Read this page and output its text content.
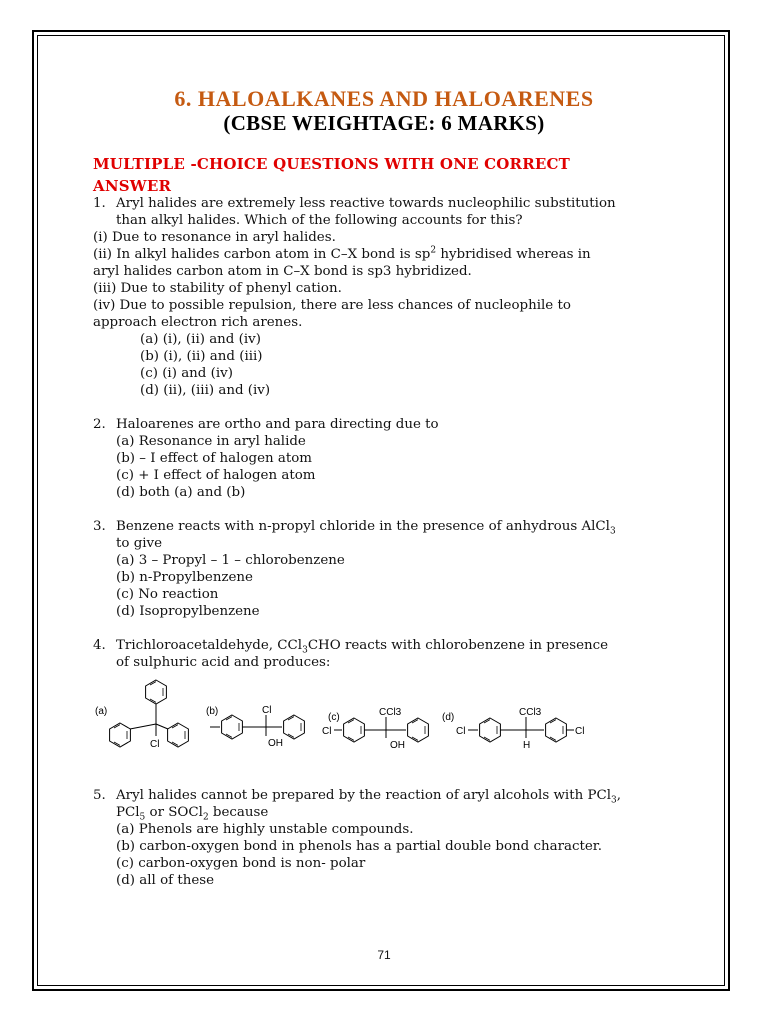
6. HALOALKANES AND HALOARENES
(CBSE WEIGHTAGE: 6 MARKS)
MULTIPLE -CHOICE QUESTIONS WITH ONE CORRECT
ANSWER
1. Aryl halides are extremely less reactive towards nucleophilic substitution
than alkyl halides. Which of the following accounts for this?
(i) Due to resonance in aryl halides.
(ii) In alkyl halides carbon atom in C–X bond is $sp^2$ hybridised whereas in
aryl halides carbon atom in C–X bond is sp3 hybridized.
(iii) Due to stability of phenyl cation.
(iv) Due to possible repulsion, there are less chances of nucleophile to
approach electron rich arenes.
(a) (i), (ii) and (iv)
(b) (i), (ii) and (iii)
(c) (i) and (iv)
(d) (ii), (iii) and (iv)
2. Haloarenes are ortho and para directing due to
(a) Resonance in aryl halide
(b) – I effect of halogen atom
(c) + I effect of halogen atom
(d) both (a) and (b)
3. Benzene reacts with n-propyl chloride in the presence of anhydrous AlCl$_3$
to give
(a) 3 – Propyl – 1 – chlorobenzene
(b) n-Propylbenzene
(c) No reaction
(d) Isopropylbenzene
4. Trichloroacetaldehyde, CCl$_3$CHO reacts with chlorobenzene in presence
of sulphuric acid and produces:
(a)
Cl
(b)	Cl
OH
(c)
Cl
CCl3
OH
(d)
Cl
CCl3
H
Cl
5. Aryl halides cannot be prepared by the reaction of aryl alcohols with PCl$_3$,
PCl$_5$ or SOCl$_2$ because
(a) Phenols are highly unstable compounds.
(b) carbon-oxygen bond in phenols has a partial double bond character.
(c) carbon-oxygen bond is non- polar
(d) all of these
71
